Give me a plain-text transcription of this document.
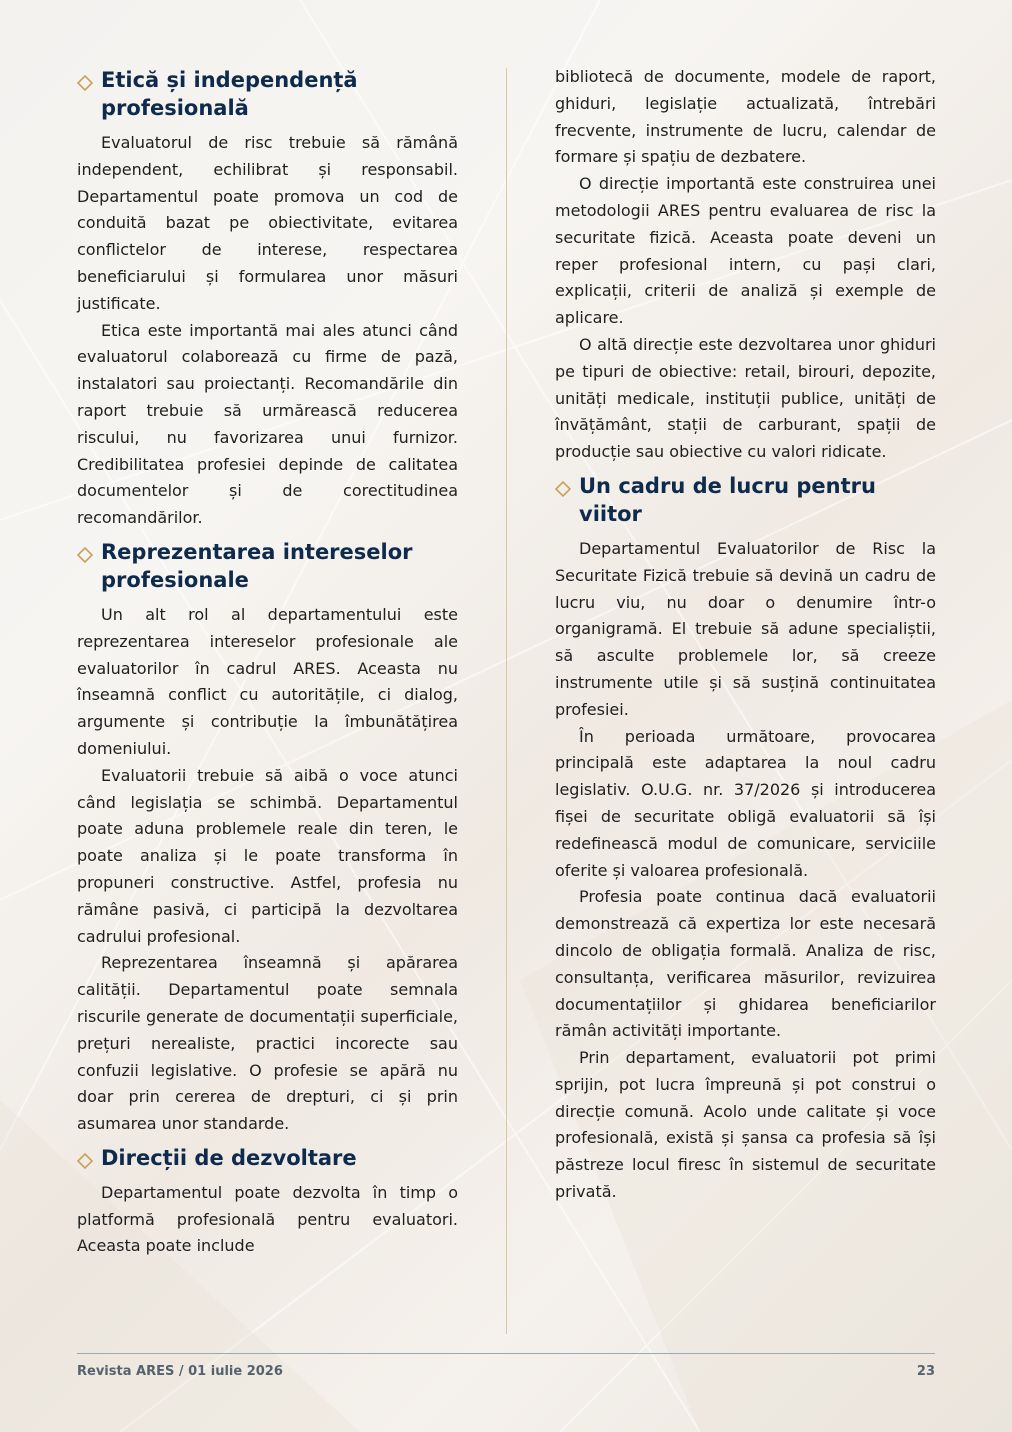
Etică și independență profesională

Evaluatorul de risc trebuie să rămână independent, echilibrat și responsabil. Departamentul poate promova un cod de conduită bazat pe obiectivitate, evitarea conflictelor de interese, respectarea beneficiarului și formularea unor măsuri justificate.

Etica este importantă mai ales atunci când evaluatorul colaborează cu firme de pază, instalatori sau proiectanți. Recomandările din raport trebuie să urmărească reducerea riscului, nu favorizarea unui furnizor. Credibilitatea profesiei depinde de calitatea documentelor și de corectitudinea recomandărilor.

Reprezentarea intereselor profesionale

Un alt rol al departamentului este reprezentarea intereselor profesionale ale evaluatorilor în cadrul ARES. Aceasta nu înseamnă conflict cu autoritățile, ci dialog, argumente și contribuție la îmbunătățirea domeniului.

Evaluatorii trebuie să aibă o voce atunci când legislația se schimbă. Departamentul poate aduna problemele reale din teren, le poate analiza și le poate transforma în propuneri constructive. Astfel, profesia nu rămâne pasivă, ci participă la dezvoltarea cadrului profesional.

Reprezentarea înseamnă și apărarea calității. Departamentul poate semnala riscurile generate de documentații superficiale, prețuri nerealiste, practici incorecte sau confuzii legislative. O profesie se apără nu doar prin cererea de drepturi, ci și prin asumarea unor standarde.

Direcții de dezvoltare

Departamentul poate dezvolta în timp o platformă profesională pentru evaluatori. Aceasta poate include

bibliotecă de documente, modele de raport, ghiduri, legislație actualizată, întrebări frecvente, instrumente de lucru, calendar de formare și spațiu de dezbatere.

O direcție importantă este construirea unei metodologii ARES pentru evaluarea de risc la securitate fizică. Aceasta poate deveni un reper profesional intern, cu pași clari, explicații, criterii de analiză și exemple de aplicare.

O altă direcție este dezvoltarea unor ghiduri pe tipuri de obiective: retail, birouri, depozite, unități medicale, instituții publice, unități de învățământ, stații de carburant, spații de producție sau obiective cu valori ridicate.

Un cadru de lucru pentru viitor

Departamentul Evaluatorilor de Risc la Securitate Fizică trebuie să devină un cadru de lucru viu, nu doar o denumire într-o organigramă. El trebuie să adune specialiștii, să asculte problemele lor, să creeze instrumente utile și să susțină continuitatea profesiei.

În perioada următoare, provocarea principală este adaptarea la noul cadru legislativ. O.U.G. nr. 37/2026 și introducerea fișei de securitate obligă evaluatorii să își redefinească modul de comunicare, serviciile oferite și valoarea profesională.

Profesia poate continua dacă evaluatorii demonstrează că expertiza lor este necesară dincolo de obligația formală. Analiza de risc, consultanța, verificarea măsurilor, revizuirea documentațiilor și ghidarea beneficiarilor rămân activități importante.

Prin departament, evaluatorii pot primi sprijin, pot lucra împreună și pot construi o direcție comună. Acolo unde calitate și voce profesională, există și șansa ca profesia să își păstreze locul firesc în sistemul de securitate privată.

Revista ARES / 01 iulie 2026	23
